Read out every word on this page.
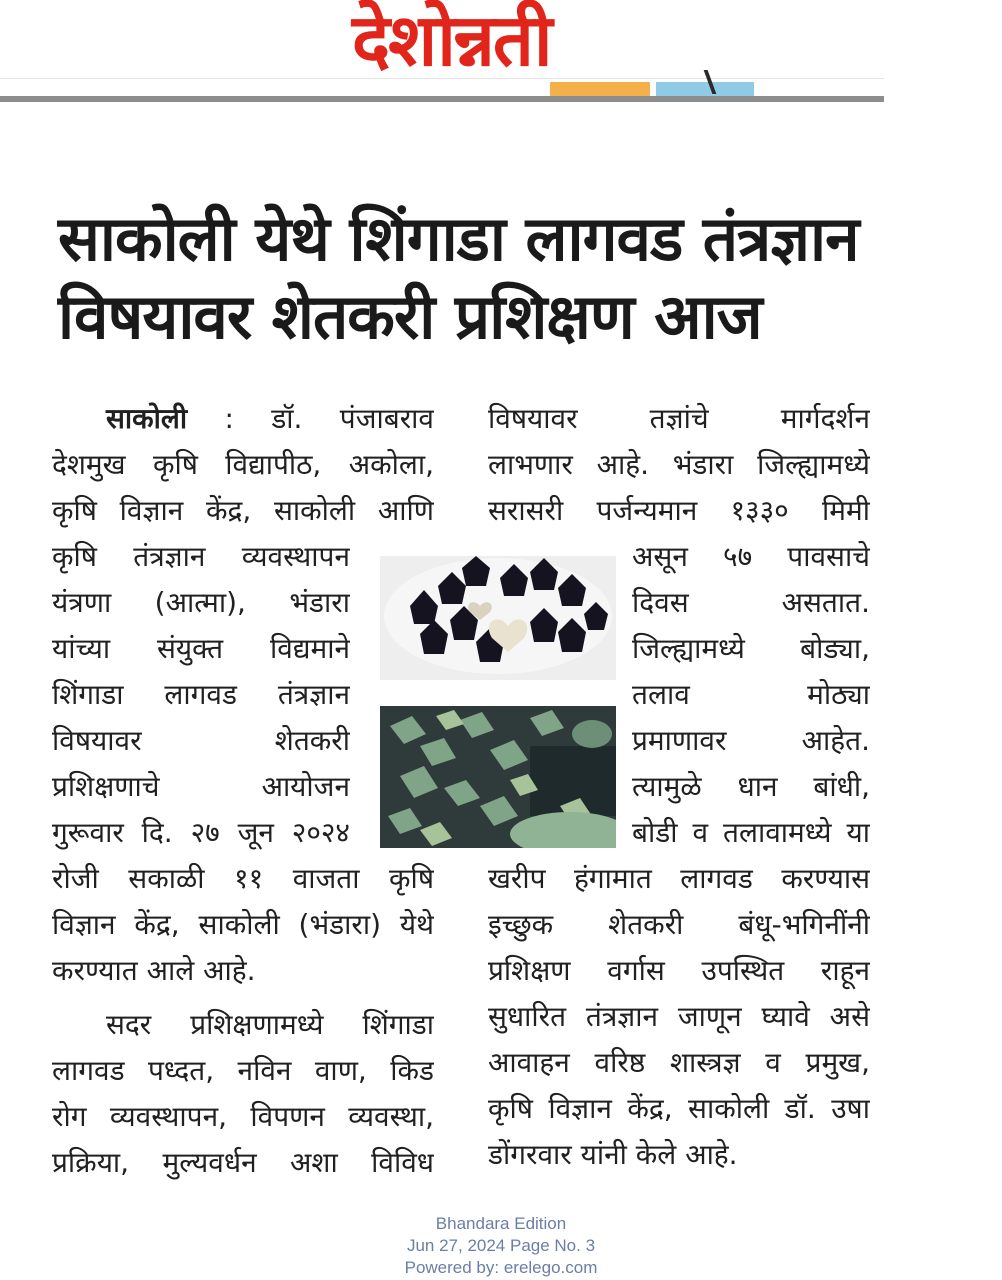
देशोन्नती
साकोली येथे शिंगाडा लागवड तंत्रज्ञान
विषयावर शेतकरी प्रशिक्षण आज
साकोली : डॉ. पंजाबराव
देशमुख कृषि विद्यापीठ, अकोला,
कृषि विज्ञान केंद्र, साकोली आणि
कृषि तंत्रज्ञान व्यवस्थापन
यंत्रणा (आत्मा), भंडारा
यांच्या संयुक्त विद्यमाने
शिंगाडा लागवड तंत्रज्ञान
विषयावर शेतकरी
प्रशिक्षणाचे आयोजन
गुरूवार दि. २७ जून २०२४
रोजी सकाळी ११ वाजता कृषि
विज्ञान केंद्र, साकोली (भंडारा) येथे
करण्यात आले आहे.
सदर प्रशिक्षणामध्ये शिंगाडा
लागवड पध्दत, नविन वाण, किड
रोग व्यवस्थापन, विपणन व्यवस्था,
प्रक्रिया, मुल्यवर्धन अशा विविध
विषयावर तज्ञांचे मार्गदर्शन
लाभणार आहे. भंडारा जिल्ह्यामध्ये
सरासरी पर्जन्यमान १३३० मिमी
असून ५७ पावसाचे
दिवस असतात.
जिल्ह्यामध्ये बोड्या,
तलाव मोठ्या
प्रमाणावर आहेत.
त्यामुळे धान बांधी,
बोडी व तलावामध्ये या
खरीप हंगामात लागवड करण्यास
इच्छुक शेतकरी बंधू-भगिनींनी
प्रशिक्षण वर्गास उपस्थित राहून
सुधारित तंत्रज्ञान जाणून घ्यावे असे
आवाहन वरिष्ठ शास्त्रज्ञ व प्रमुख,
कृषि विज्ञान केंद्र, साकोली डॉ. उषा
डोंगरवार यांनी केले आहे.
Bhandara Edition
Jun 27, 2024 Page No. 3
Powered by: erelego.com
